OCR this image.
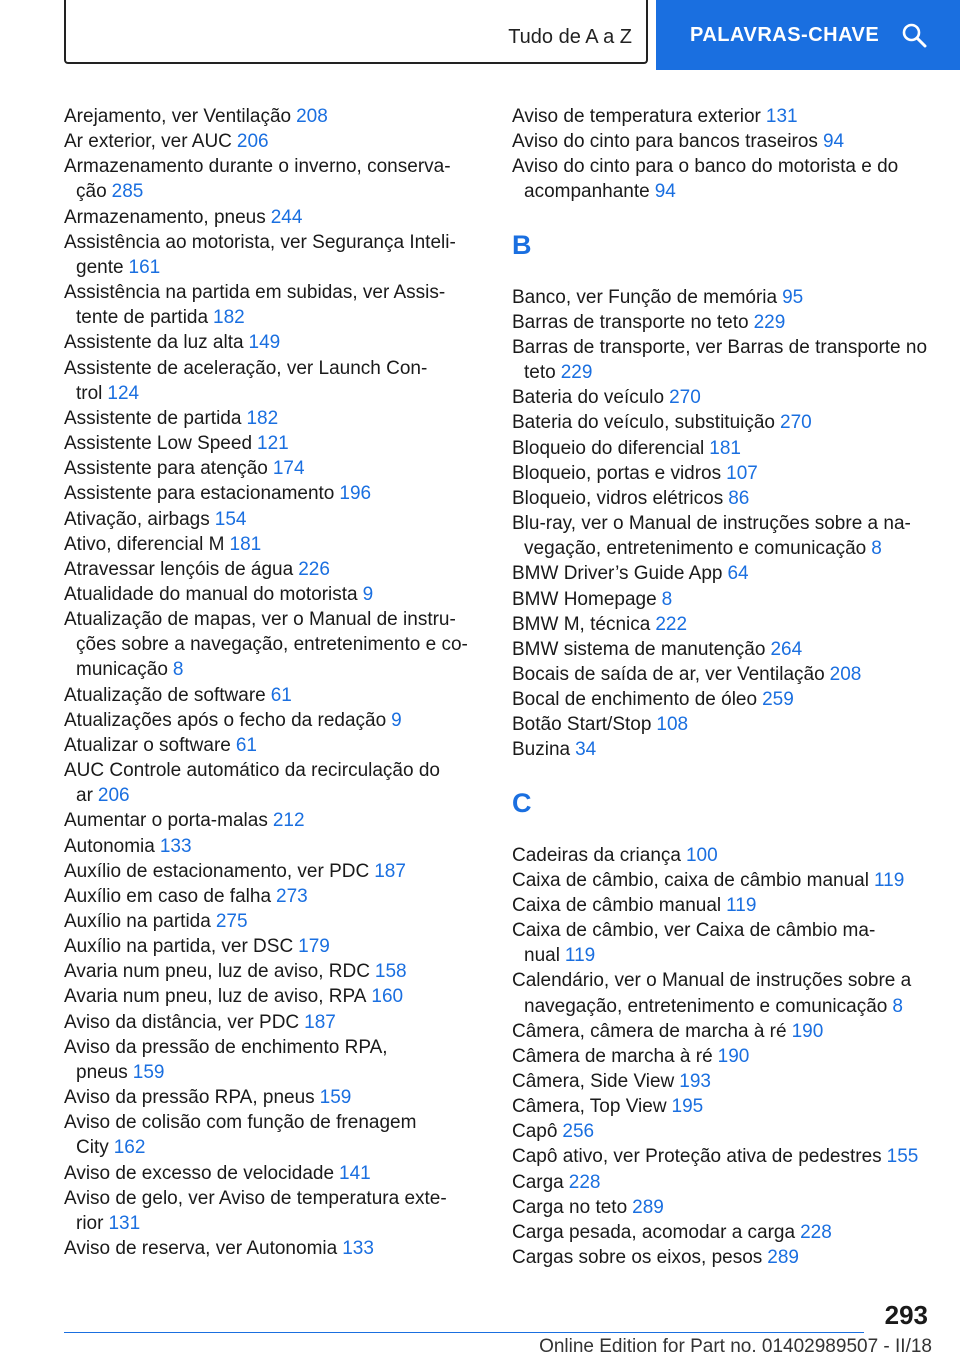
Tudo de A a Z	PALAVRAS-CHAVE
Arejamento, ver Ventilação 208
Ar exterior, ver AUC 206
Armazenamento durante o inverno, conservação 285
Armazenamento, pneus 244
Assistência ao motorista, ver Segurança Inteligente 161
Assistência na partida em subidas, ver Assistente de partida 182
Assistente da luz alta 149
Assistente de aceleração, ver Launch Control 124
Assistente de partida 182
Assistente Low Speed 121
Assistente para atenção 174
Assistente para estacionamento 196
Ativação, airbags 154
Ativo, diferencial M 181
Atravessar lençóis de água 226
Atualidade do manual do motorista 9
Atualização de mapas, ver o Manual de instruções sobre a navegação, entretenimento e comunicação 8
Atualização de software 61
Atualizações após o fecho da redação 9
Atualizar o software 61
AUC Controle automático da recirculação do ar 206
Aumentar o porta-malas 212
Autonomia 133
Auxílio de estacionamento, ver PDC 187
Auxílio em caso de falha 273
Auxílio na partida 275
Auxílio na partida, ver DSC 179
Avaria num pneu, luz de aviso, RDC 158
Avaria num pneu, luz de aviso, RPA 160
Aviso da distância, ver PDC 187
Aviso da pressão de enchimento RPA, pneus 159
Aviso da pressão RPA, pneus 159
Aviso de colisão com função de frenagem City 162
Aviso de excesso de velocidade 141
Aviso de gelo, ver Aviso de temperatura exterior 131
Aviso de reserva, ver Autonomia 133
Aviso de temperatura exterior 131
Aviso do cinto para bancos traseiros 94
Aviso do cinto para o banco do motorista e do acompanhante 94
B
Banco, ver Função de memória 95
Barras de transporte no teto 229
Barras de transporte, ver Barras de transporte no teto 229
Bateria do veículo 270
Bateria do veículo, substituição 270
Bloqueio do diferencial 181
Bloqueio, portas e vidros 107
Bloqueio, vidros elétricos 86
Blu-ray, ver o Manual de instruções sobre a navegação, entretenimento e comunicação 8
BMW Driver’s Guide App 64
BMW Homepage 8
BMW M, técnica 222
BMW sistema de manutenção 264
Bocais de saída de ar, ver Ventilação 208
Bocal de enchimento de óleo 259
Botão Start/Stop 108
Buzina 34
C
Cadeiras da criança 100
Caixa de câmbio, caixa de câmbio manual 119
Caixa de câmbio manual 119
Caixa de câmbio, ver Caixa de câmbio manual 119
Calendário, ver o Manual de instruções sobre a navegação, entretenimento e comunicação 8
Câmera, câmera de marcha à ré 190
Câmera de marcha à ré 190
Câmera, Side View 193
Câmera, Top View 195
Capô 256
Capô ativo, ver Proteção ativa de pedestres 155
Carga 228
Carga no teto 289
Carga pesada, acomodar a carga 228
Cargas sobre os eixos, pesos 289
293
Online Edition for Part no. 01402989507 - II/18
